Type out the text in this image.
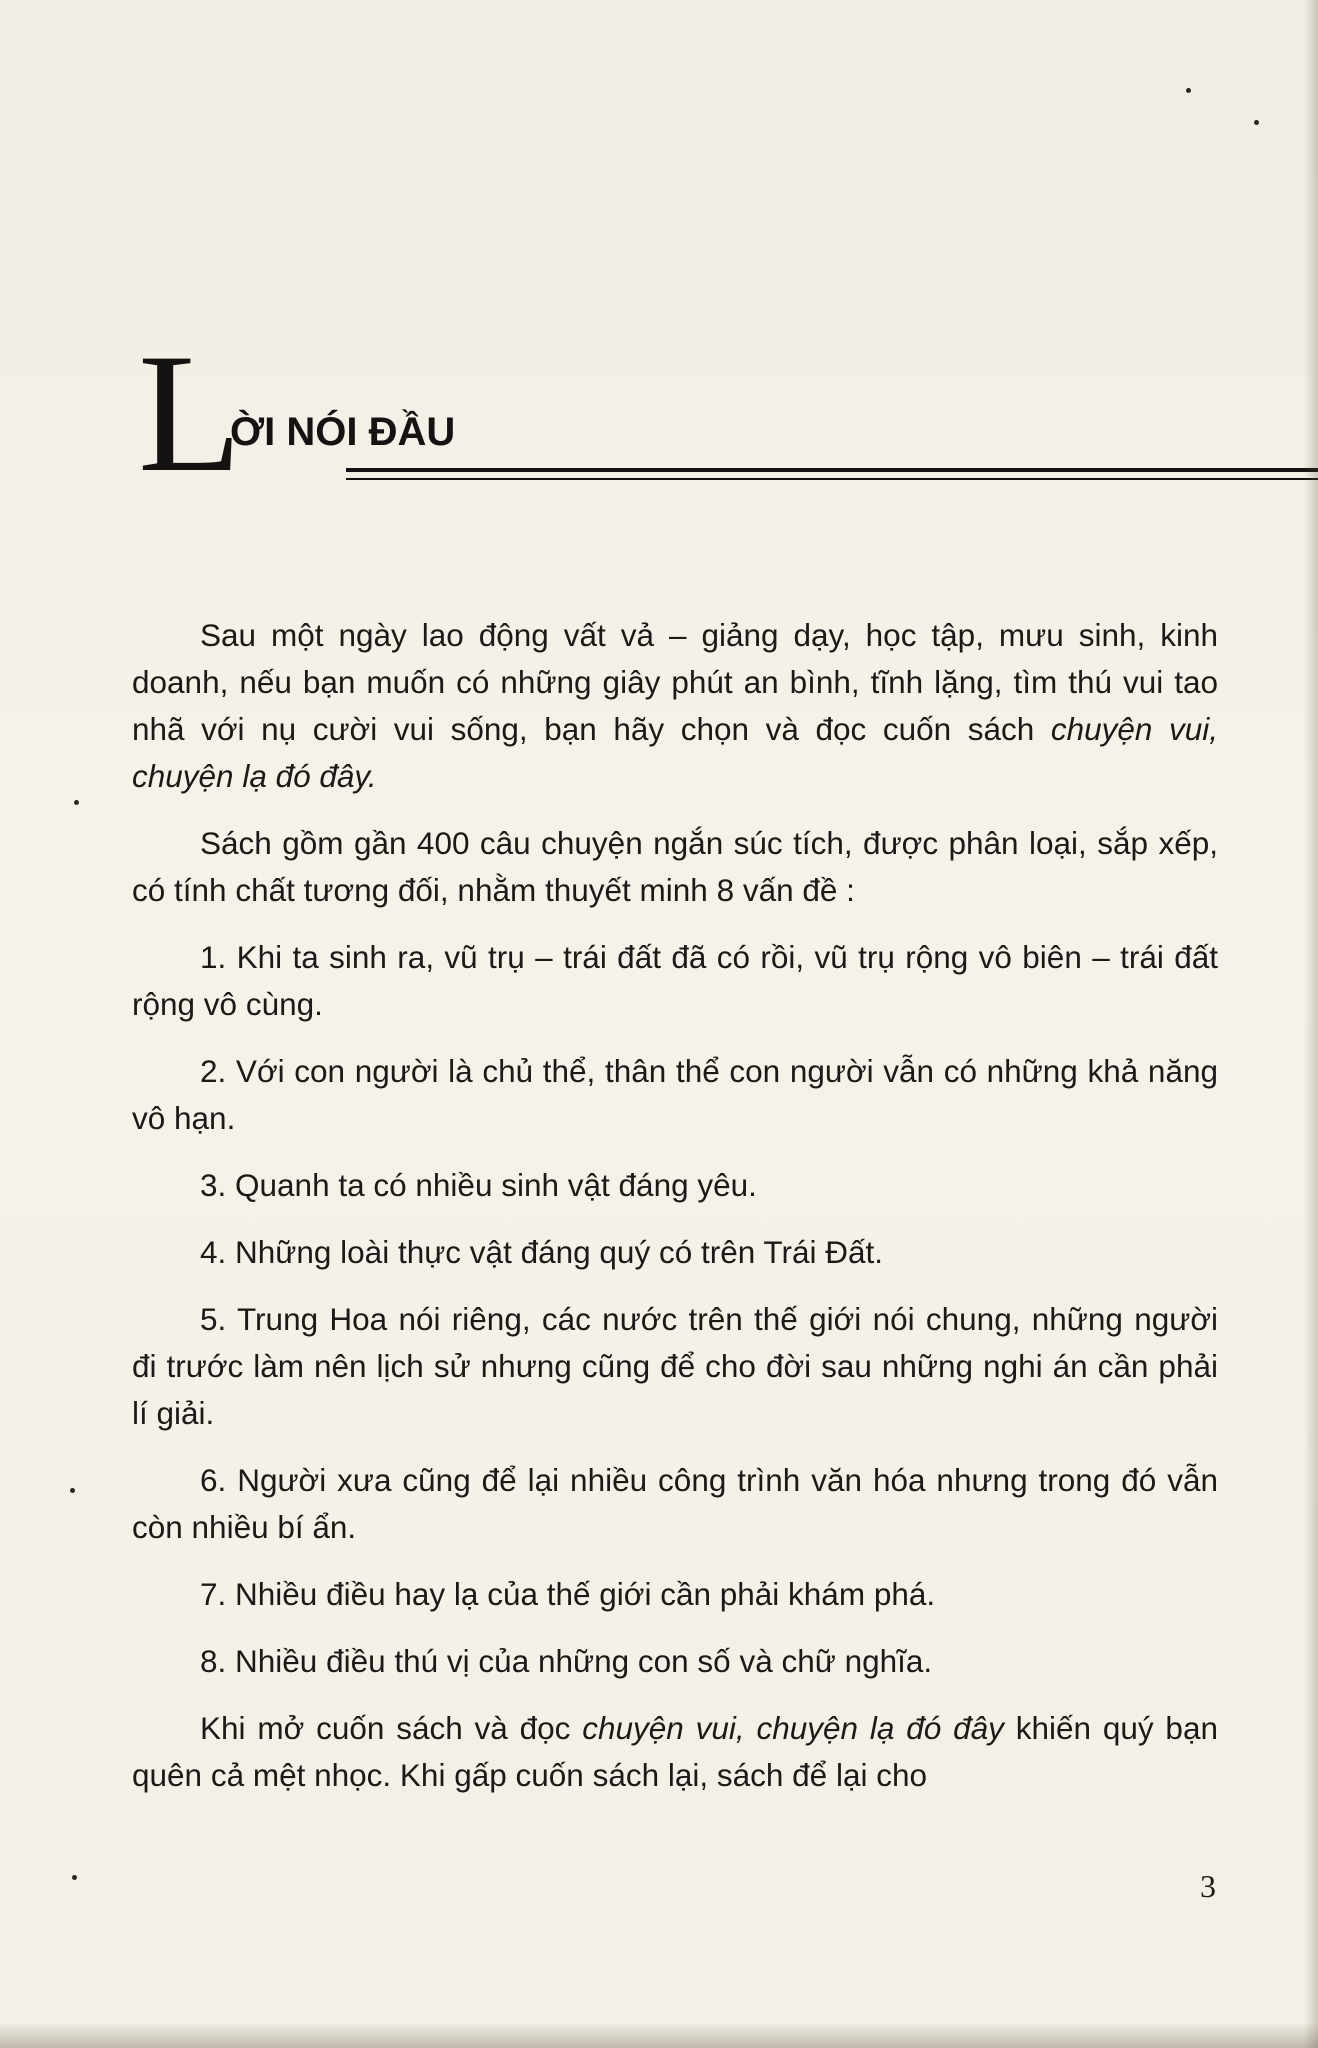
L
ỜI NÓI ĐẦU

Sau một ngày lao động vất vả – giảng dạy, học tập, mưu sinh, kinh doanh, nếu bạn muốn có những giây phút an bình, tĩnh lặng, tìm thú vui tao nhã với nụ cười vui sống, bạn hãy chọn và đọc cuốn sách chuyện vui, chuyện lạ đó đây.

Sách gồm gần 400 câu chuyện ngắn súc tích, được phân loại, sắp xếp, có tính chất tương đối, nhằm thuyết minh 8 vấn đề :

1. Khi ta sinh ra, vũ trụ – trái đất đã có rồi, vũ trụ rộng vô biên – trái đất rộng vô cùng.

2. Với con người là chủ thể, thân thể con người vẫn có những khả năng vô hạn.

3. Quanh ta có nhiều sinh vật đáng yêu.

4. Những loài thực vật đáng quý có trên Trái Đất.

5. Trung Hoa nói riêng, các nước trên thế giới nói chung, những người đi trước làm nên lịch sử nhưng cũng để cho đời sau những nghi án cần phải lí giải.

6. Người xưa cũng để lại nhiều công trình văn hóa nhưng trong đó vẫn còn nhiều bí ẩn.

7. Nhiều điều hay lạ của thế giới cần phải khám phá.

8. Nhiều điều thú vị của những con số và chữ nghĩa.

Khi mở cuốn sách và đọc chuyện vui, chuyện lạ đó đây khiến quý bạn quên cả mệt nhọc. Khi gấp cuốn sách lại, sách để lại cho

3
